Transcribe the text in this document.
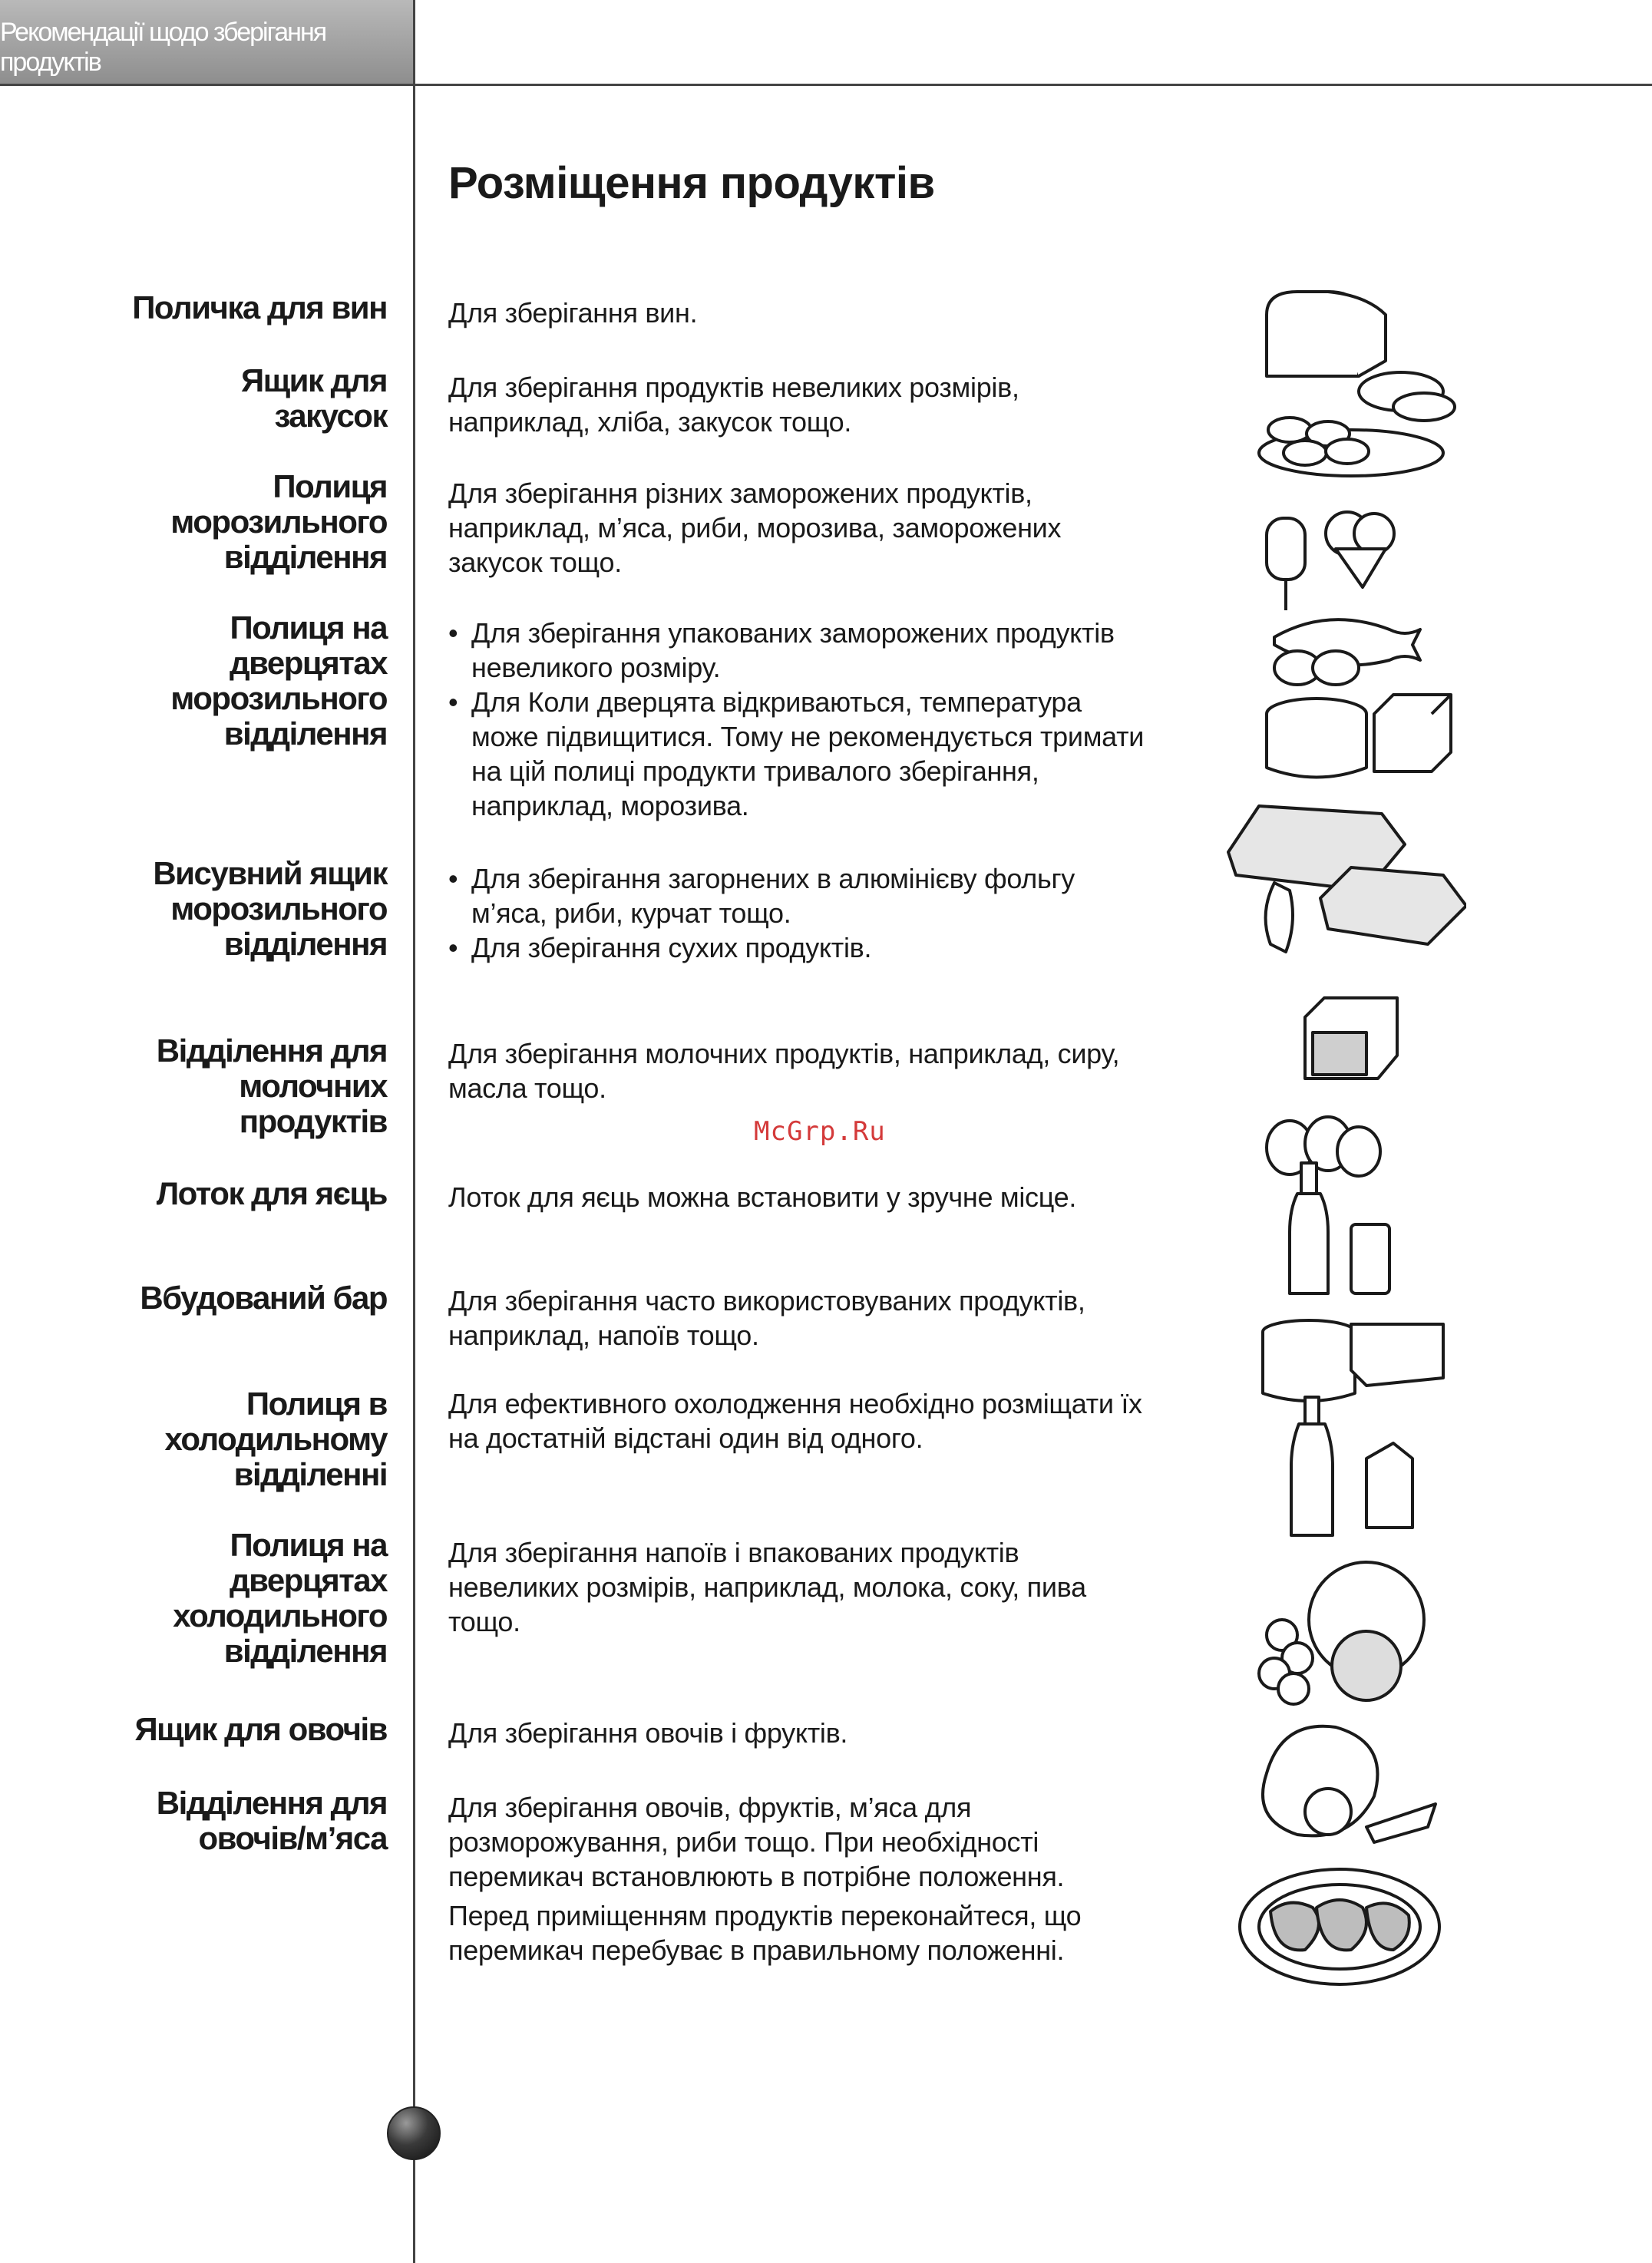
Рекомендації щодо зберігання продуктів
Розміщення продуктів
Поличка для вин Для зберігання вин.

Ящик для закусок

Для зберігання продуктів невеликих розмірів, наприклад, хліба, закусок тощо.

Полиця морозильного відділення

Для зберігання різних заморожених продуктів, наприклад, м’яса, риби, морозива, заморожених закусок тощо.

Полиця на дверцятах морозильного відділення

• Для зберігання упакованих заморожених продуктів невеликого розміру.

• Для Коли дверцята відкриваються, температура може підвищитися. Тому не рекомендується тримати на цій полиці продукти тривалого зберігання, наприклад, морозива.

Висувний ящик морозильного відділення

• Для зберігання загорнених в алюмінієву фольгу м’яса, риби, курчат тощо.

• Для зберігання сухих продуктів.

Відділення для молочних продуктів

Для зберігання молочних продуктів, наприклад, сиру, масла тощо.

McGrp.Ru
Лоток для яєць Лоток для яєць можна встановити у зручне місце.

Вбудований бар Для зберігання часто використовуваних продуктів, наприклад, напоїв тощо.

Полиця в холодильному відділенні

Для ефективного охолодження необхідно розміщати їх на достатній відстані один від одного.

Полиця на дверцятах холодильного відділення

Для зберігання напоїв і впакованих продуктів невеликих розмірів, наприклад, молока, соку, пива тощо.

Ящик для овочів Для зберігання овочів і фруктів.

Відділення для овочів/м’яса

Для зберігання овочів, фруктів, м’яса для розморожування, риби тощо. При необхідності перемикач встановлюють в потрібне положення.

Перед приміщенням продуктів переконайтеся, що перемикач перебуває в правильному положенні.
